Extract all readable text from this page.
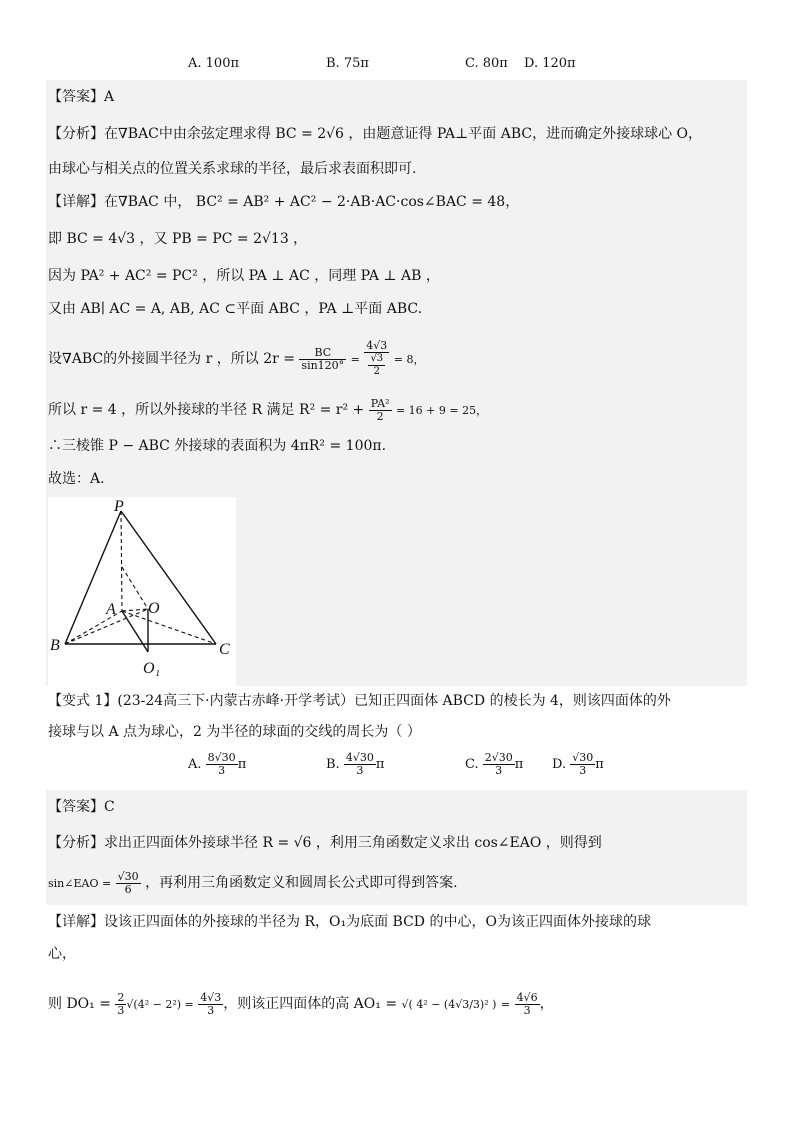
A. 100π	B. 75π	C. 80π D. 120π
【答案】A
【分析】在∇BAC中由余弦定理求得 BC = 2√6 ，由题意证得 PA⊥平面 ABC，进而确定外接球球心 O，
由球心与相关点的位置关系求球的半径，最后求表面积即可.
【详解】在∇BAC 中， BC² = AB² + AC² − 2·AB·AC·cos∠BAC = 48，
即 BC = 4√3 ，又 PB = PC = 2√13 ，
因为 PA² + AC² = PC² ，所以 PA ⊥ AC ，同理 PA ⊥ AB ，
又由 AB∣ AC = A, AB, AC ⊂平面 ABC ，PA ⊥平面 ABC.
设∇ABC的外接圆半径为 r ，所以 $2r = \frac{BC}{\sin 120^\circ} = \frac{4√3}{\frac{√3}{2}} = 8$，
所以 r = 4 ，所以外接球的半径 R 满足 $R^2 = r^2 + \frac{\text{PA²}}{2} = 16 + 9 = 25$，
∴三棱锥 P − ABC 外接球的表面积为 4πR² = 100π.
故选：A.
P
A O
B	C
O₁
【变式 1】(23-24高三下·内蒙古赤峰·开学考试）已知正四面体 ABCD 的棱长为 4，则该四面体的外
接球与以 A 点为球心，2 为半径的球面的交线的周长为（ ）
A. $\frac{8√30}{3}$ π	B. $\frac{4√30}{3}$ π	C. $\frac{2√30}{3}$ π D. $\frac{√30}{3}$ π
【答案】C
【分析】求出正四面体外接球半径 R = √6 ，利用三角函数定义求出 cos∠EAO ，则得到
sin∠EAO = $\frac{√30}{6}$ ，再利用三角函数定义和圆周长公式即可得到答案.
【详解】设该正四面体的外接球的半径为 R，O₁为底面 BCD 的中心，O为该正四面体外接球的球
心，
则 $DO_1 = \frac{2}{3} √(4^2 - 2^2) = \frac{4√3}{3}$ ，则该正四面体的高 AO₁ = √( 4² − (4√3/3)² ) = $\frac{4√6}{3}$ ，
